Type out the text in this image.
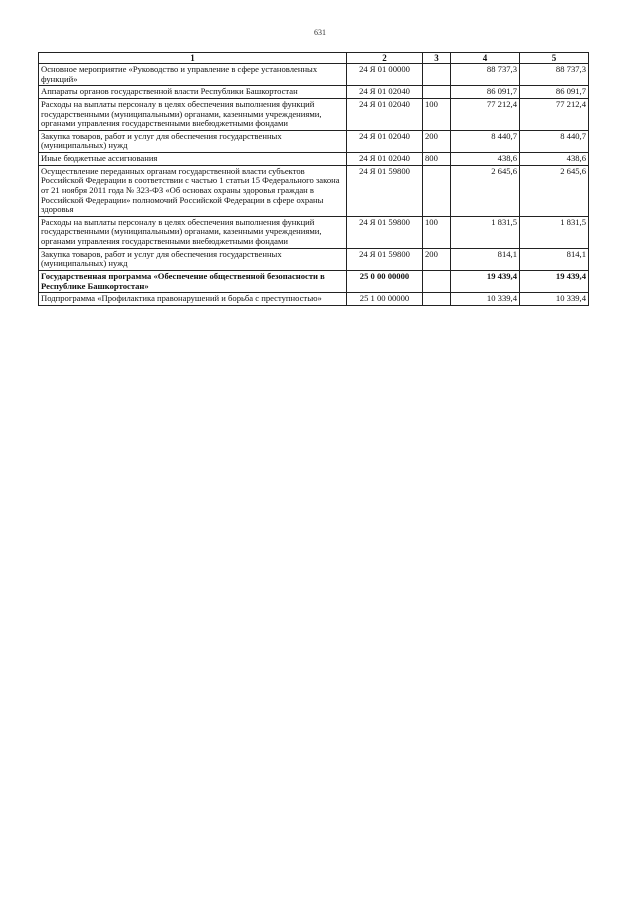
631
1	2	3	4	5
Основное мероприятие «Руководство и управление в сфере установленных функций»	24 Я 01 00000		88 737,3	88 737,3
Аппараты органов государственной власти Республики Башкортостан	24 Я 01 02040		86 091,7	86 091,7
Расходы на выплаты персоналу в целях обеспечения выполнения функций государственными (муниципальными) органами, казенными учреждениями, органами управления государственными внебюджетными фондами	24 Я 01 02040	100	77 212,4	77 212,4
Закупка товаров, работ и услуг для обеспечения государственных (муниципальных) нужд	24 Я 01 02040	200	8 440,7	8 440,7
Иные бюджетные ассигнования	24 Я 01 02040	800	438,6	438,6
Осуществление переданных органам государственной власти субъектов Российской Федерации в соответствии с частью 1 статьи 15 Федерального закона от 21 ноября 2011 года № 323-ФЗ «Об основах охраны здоровья граждан в Российской Федерации» полномочий Российской Федерации в сфере охраны здоровья	24 Я 01 59800		2 645,6	2 645,6
Расходы на выплаты персоналу в целях обеспечения выполнения функций государственными (муниципальными) органами, казенными учреждениями, органами управления государственными внебюджетными фондами	24 Я 01 59800	100	1 831,5	1 831,5
Закупка товаров, работ и услуг для обеспечения государственных (муниципальных) нужд	24 Я 01 59800	200	814,1	814,1
Государственная программа «Обеспечение общественной безопасности в Республике Башкортостан»	25 0 00 00000		19 439,4	19 439,4
Подпрограмма «Профилактика правонарушений и борьба с преступностью»	25 1 00 00000		10 339,4	10 339,4
